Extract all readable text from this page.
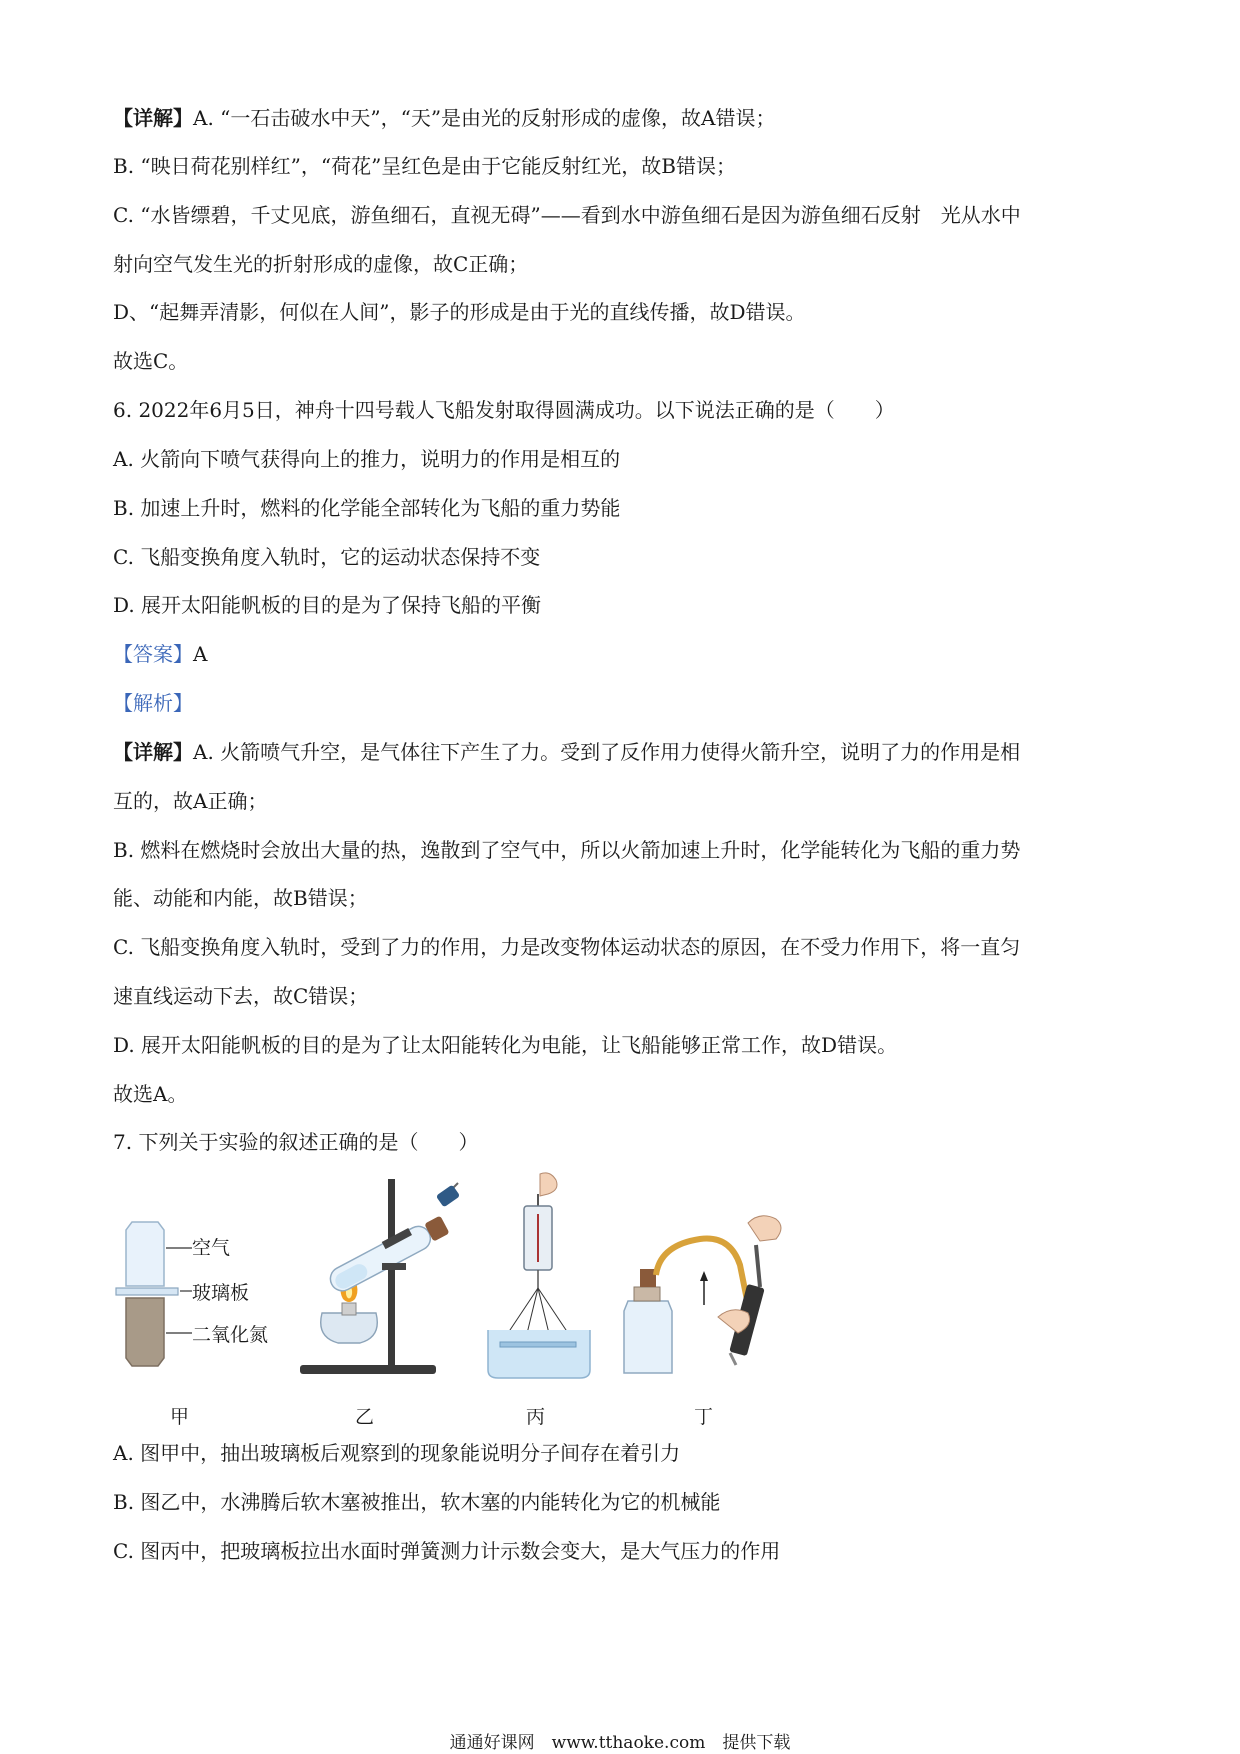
【详解】A. “一石击破水中天”，“天”是由光的反射形成的虚像，故A错误；
B. “映日荷花别样红”，“荷花”呈红色是由于它能反射红光，故B错误；
C. “水皆缥碧，千丈见底，游鱼细石，直视无碍”——看到水中游鱼细石是因为游鱼细石反射　光从水中
射向空气发生光的折射形成的虚像，故C正确；
D、“起舞弄清影，何似在人间”，影子的形成是由于光的直线传播，故D错误。
故选C。
6. 2022年6月5日，神舟十四号载人飞船发射取得圆满成功。以下说法正确的是（　　）
A. 火箭向下喷气获得向上的推力，说明力的作用是相互的
B. 加速上升时，燃料的化学能全部转化为飞船的重力势能
C. 飞船变换角度入轨时，它的运动状态保持不变
D. 展开太阳能帆板的目的是为了保持飞船的平衡
【答案】A
【解析】
【详解】A. 火箭喷气升空，是气体往下产生了力。受到了反作用力使得火箭升空，说明了力的作用是相
互的，故A正确；
B. 燃料在燃烧时会放出大量的热，逸散到了空气中，所以火箭加速上升时，化学能转化为飞船的重力势
能、动能和内能，故B错误；
C. 飞船变换角度入轨时，受到了力的作用，力是改变物体运动状态的原因，在不受力作用下，将一直匀
速直线运动下去，故C错误；
D. 展开太阳能帆板的目的是为了让太阳能转化为电能，让飞船能够正常工作，故D错误。
故选A。
7. 下列关于实验的叙述正确的是（　　）
空气
玻璃板
二氧化氮
甲	乙	丙	丁
A. 图甲中，抽出玻璃板后观察到的现象能说明分子间存在着引力
B. 图乙中，水沸腾后软木塞被推出，软木塞的内能转化为它的机械能
C. 图丙中，把玻璃板拉出水面时弹簧测力计示数会变大，是大气压力的作用
通通好课网　www.tthaoke.com　提供下载
